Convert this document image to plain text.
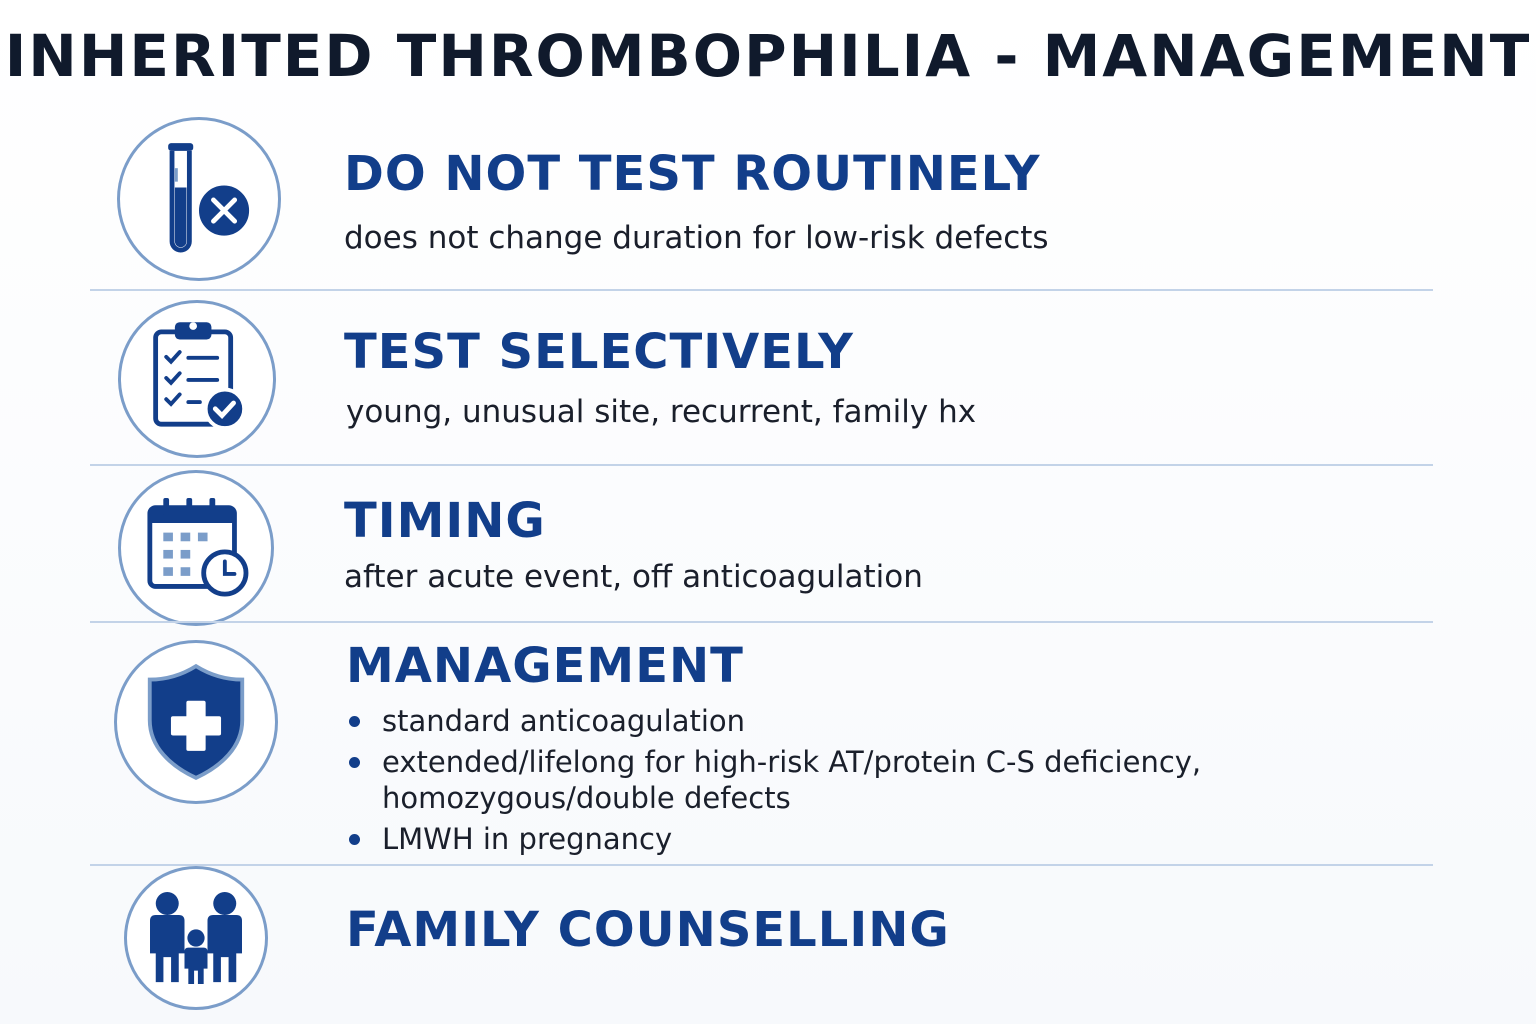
INHERITED THROMBOPHILIA - MANAGEMENT
DO NOT TEST ROUTINELY
does not change duration for low-risk defects
TEST SELECTIVELY
young, unusual site, recurrent, family hx
TIMING
after acute event, off anticoagulation
MANAGEMENT
standard anticoagulation
extended/lifelong for high-risk AT/protein C-S deficiency,
homozygous/double defects
LMWH in pregnancy
FAMILY COUNSELLING
